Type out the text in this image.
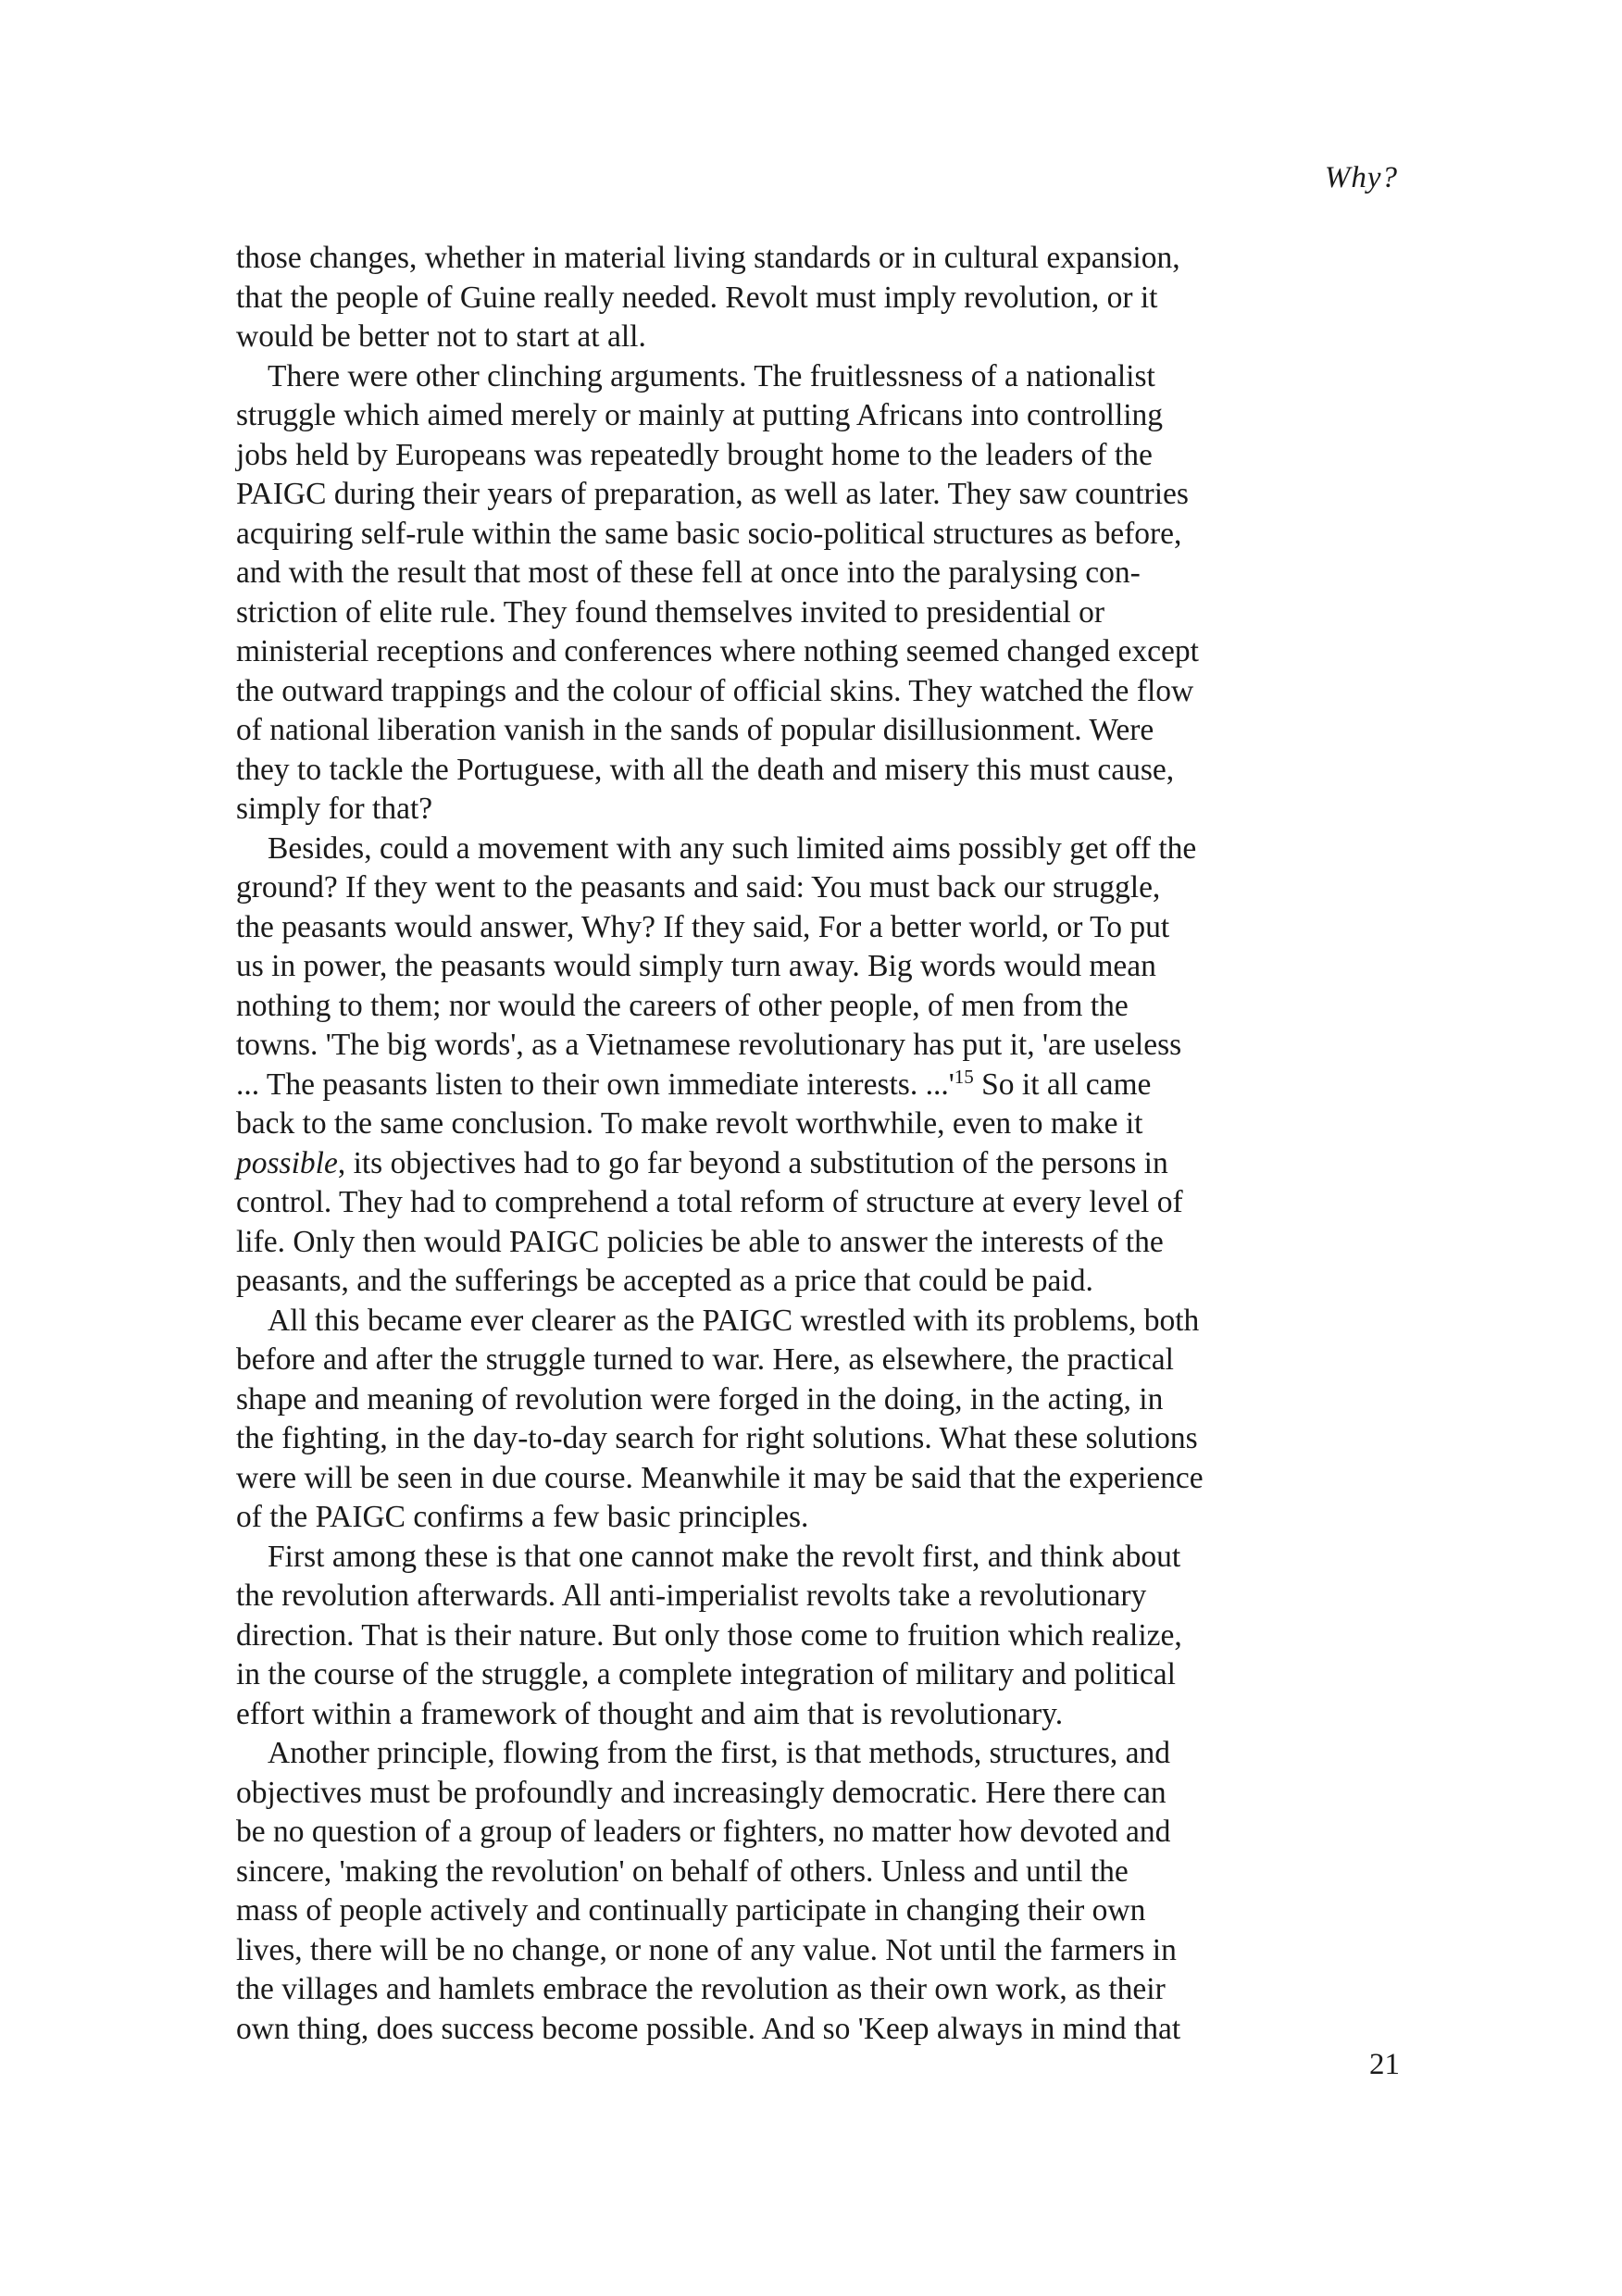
Why?

those changes, whether in material living standards or in cultural expansion,
that the people of Guine really needed. Revolt must imply revolution, or it
would be better not to start at all.

There were other clinching arguments. The fruitlessness of a nationalist
struggle which aimed merely or mainly at putting Africans into controlling
jobs held by Europeans was repeatedly brought home to the leaders of the
PAIGC during their years of preparation, as well as later. They saw countries
acquiring self-rule within the same basic socio-political structures as before,
and with the result that most of these fell at once into the paralysing con-
striction of elite rule. They found themselves invited to presidential or
ministerial receptions and conferences where nothing seemed changed except
the outward trappings and the colour of official skins. They watched the flow
of national liberation vanish in the sands of popular disillusionment. Were
they to tackle the Portuguese, with all the death and misery this must cause,
simply for that?

Besides, could a movement with any such limited aims possibly get off the
ground? If they went to the peasants and said: You must back our struggle,
the peasants would answer, Why? If they said, For a better world, or To put
us in power, the peasants would simply turn away. Big words would mean
nothing to them; nor would the careers of other people, of men from the
towns. 'The big words', as a Vietnamese revolutionary has put it, 'are useless
... The peasants listen to their own immediate interests. $...'^{15}$ So it all came
back to the same conclusion. To make revolt worthwhile, even to make it
possible, its objectives had to go far beyond a substitution of the persons in
control. They had to comprehend a total reform of structure at every level of
life. Only then would PAIGC policies be able to answer the interests of the
peasants, and the sufferings be accepted as a price that could be paid.

All this became ever clearer as the PAIGC wrestled with its problems, both
before and after the struggle turned to war. Here, as elsewhere, the practical
shape and meaning of revolution were forged in the doing, in the acting, in
the fighting, in the day-to-day search for right solutions. What these solutions
were will be seen in due course. Meanwhile it may be said that the experience
of the PAIGC confirms a few basic principles.

First among these is that one cannot make the revolt first, and think about
the revolution afterwards. All anti-imperialist revolts take a revolutionary
direction. That is their nature. But only those come to fruition which realize,
in the course of the struggle, a complete integration of military and political
effort within a framework of thought and aim that is revolutionary.

Another principle, flowing from the first, is that methods, structures, and
objectives must be profoundly and increasingly democratic. Here there can
be no question of a group of leaders or fighters, no matter how devoted and
sincere, 'making the revolution' on behalf of others. Unless and until the
mass of people actively and continually participate in changing their own
lives, there will be no change, or none of any value. Not until the farmers in
the villages and hamlets embrace the revolution as their own work, as their
own thing, does success become possible. And so 'Keep always in mind that

21
